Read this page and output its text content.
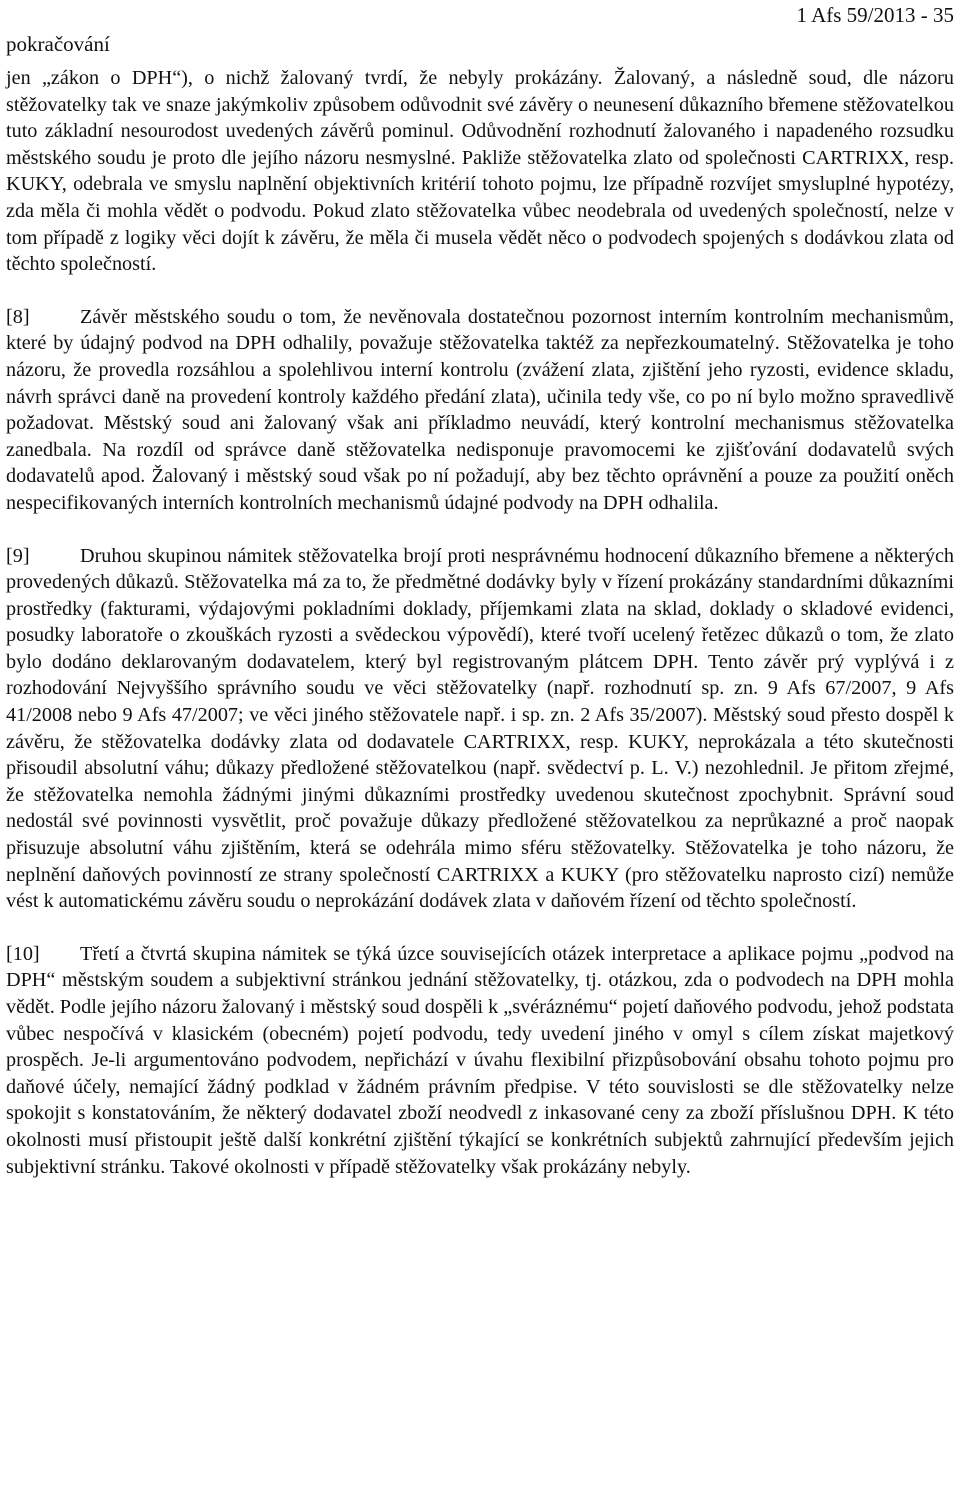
pokračování
1 Afs 59/2013 - 35

jen „zákon o DPH“), o nichž žalovaný tvrdí, že nebyly prokázány. Žalovaný, a následně soud, dle názoru stěžovatelky tak ve snaze jakýmkoliv způsobem odůvodnit své závěry o neunesení důkazního břemene stěžovatelkou tuto základní nesourodost uvedených závěrů pominul. Odůvodnění rozhodnutí žalovaného i napadeného rozsudku městského soudu je proto dle jejího názoru nesmyslné. Pakliže stěžovatelka zlato od společnosti CARTRIXX, resp. KUKY, odebrala ve smyslu naplnění objektivních kritérií tohoto pojmu, lze případně rozvíjet smysluplné hypotézy, zda měla či mohla vědět o podvodu. Pokud zlato stěžovatelka vůbec neodebrala od uvedených společností, nelze v tom případě z logiky věci dojít k závěru, že měla či musela vědět něco o podvodech spojených s dodávkou zlata od těchto společností.

[8] Závěr městského soudu o tom, že nevěnovala dostatečnou pozornost interním kontrolním mechanismům, které by údajný podvod na DPH odhalily, považuje stěžovatelka taktéž za nepřezkoumatelný. Stěžovatelka je toho názoru, že provedla rozsáhlou a spolehlivou interní kontrolu (zvážení zlata, zjištění jeho ryzosti, evidence skladu, návrh správci daně na provedení kontroly každého předání zlata), učinila tedy vše, co po ní bylo možno spravedlivě požadovat. Městský soud ani žalovaný však ani příkladmo neuvádí, který kontrolní mechanismus stěžovatelka zanedbala. Na rozdíl od správce daně stěžovatelka nedisponuje pravomocemi ke zjišťování dodavatelů svých dodavatelů apod. Žalovaný i městský soud však po ní požadují, aby bez těchto oprávnění a pouze za použití oněch nespecifikovaných interních kontrolních mechanismů údajné podvody na DPH odhalila.

[9] Druhou skupinou námitek stěžovatelka brojí proti nesprávnému hodnocení důkazního břemene a některých provedených důkazů. Stěžovatelka má za to, že předmětné dodávky byly v řízení prokázány standardními důkazními prostředky (fakturami, výdajovými pokladními doklady, příjemkami zlata na sklad, doklady o skladové evidenci, posudky laboratoře o zkouškách ryzosti a svědeckou výpovědí), které tvoří ucelený řetězec důkazů o tom, že zlato bylo dodáno deklarovaným dodavatelem, který byl registrovaným plátcem DPH. Tento závěr prý vyplývá i z rozhodování Nejvyššího správního soudu ve věci stěžovatelky (např. rozhodnutí sp. zn. 9 Afs 67/2007, 9 Afs 41/2008 nebo 9 Afs 47/2007; ve věci jiného stěžovatele např. i sp. zn. 2 Afs 35/2007). Městský soud přesto dospěl k závěru, že stěžovatelka dodávky zlata od dodavatele CARTRIXX, resp. KUKY, neprokázala a této skutečnosti přisoudil absolutní váhu; důkazy předložené stěžovatelkou (např. svědectví p. L. V.) nezohlednil. Je přitom zřejmé, že stěžovatelka nemohla žádnými jinými důkazními prostředky uvedenou skutečnost zpochybnit. Správní soud nedostál své povinnosti vysvětlit, proč považuje důkazy předložené stěžovatelkou za neprůkazné a proč naopak přisuzuje absolutní váhu zjištěním, která se odehrála mimo sféru stěžovatelky. Stěžovatelka je toho názoru, že neplnění daňových povinností ze strany společností CARTRIXX a KUKY (pro stěžovatelku naprosto cizí) nemůže vést k automatickému závěru soudu o neprokázání dodávek zlata v daňovém řízení od těchto společností.

[10] Třetí a čtvrtá skupina námitek se týká úzce souvisejících otázek interpretace a aplikace pojmu „podvod na DPH“ městským soudem a subjektivní stránkou jednání stěžovatelky, tj. otázkou, zda o podvodech na DPH mohla vědět. Podle jejího názoru žalovaný i městský soud dospěli k „svéráznému“ pojetí daňového podvodu, jehož podstata vůbec nespočívá v klasickém (obecném) pojetí podvodu, tedy uvedení jiného v omyl s cílem získat majetkový prospěch. Je-li argumentováno podvodem, nepřichází v úvahu flexibilní přizpůsobování obsahu tohoto pojmu pro daňové účely, nemající žádný podklad v žádném právním předpise. V této souvislosti se dle stěžovatelky nelze spokojit s konstatováním, že některý dodavatel zboží neodvedl z inkasované ceny za zboží příslušnou DPH. K této okolnosti musí přistoupit ještě další konkrétní zjištění týkající se konkrétních subjektů zahrnující především jejich subjektivní stránku. Takové okolnosti v případě stěžovatelky však prokázány nebyly.
